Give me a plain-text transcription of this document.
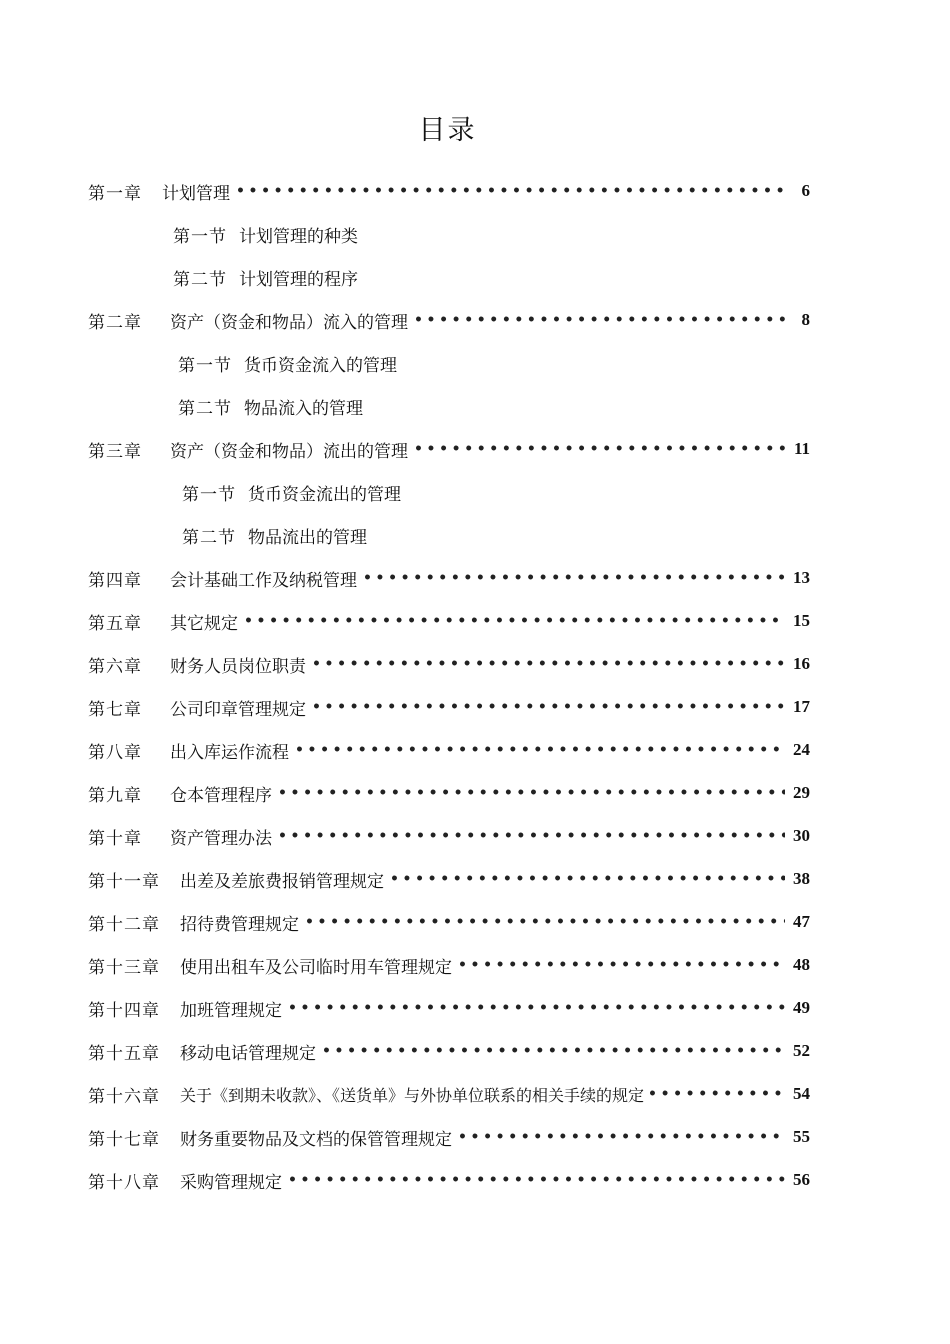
目录
第一章 计划管理 •••••	6
第一节 计划管理的种类
第二节 计划管理的程序
第二章 资产（资金和物品）流入的管理 •••••	8
第一节 货币资金流入的管理
第二节 物品流入的管理
第三章 资产（资金和物品）流出的管理 •••••	11
第一节 货币资金流出的管理
第二节 物品流出的管理
第四章 会计基础工作及纳税管理 •••••	13
第五章 其它规定 •••••	15
第六章 财务人员岗位职责 •••••	16
第七章 公司印章管理规定 •••••	17
第八章 出入库运作流程 •••••	24
第九章 仓本管理程序 •••••	29
第十章 资产管理办法 •••••	30
第十一章 出差及差旅费报销管理规定 •••••	38
第十二章 招待费管理规定 •••••	47
第十三章 使用出租车及公司临时用车管理规定 •••••	48
第十四章 加班管理规定 •••••	49
第十五章 移动电话管理规定 •••••	52
第十六章 关于《到期未收款》、《送货单》与外协单位联系的相关手续的规定 •••••	54
第十七章 财务重要物品及文档的保管管理规定 •••••	55
第十八章 采购管理规定 •••••	56
